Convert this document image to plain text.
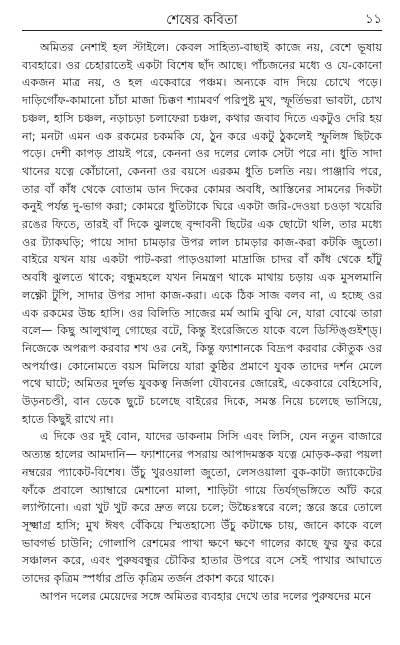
শেষের কবিতা	১১

অমিতর নেশাই হল স্টাইলে। কেবল সাহিত্য-বাছাই কাজে নয়, বেশে ভূষায় ব্যবহারে। ওর চেহারাতেই একটা বিশেষ ছাঁদ আছে। পাঁচজনের মধ্যে ও যে-কোনো একজন মাত্র নয়, ও হল একেবারে পঞ্চম। অন্যকে বাদ দিয়ে চোখে পড়ে। দাড়িগোঁফ-কামানো চাঁচা মাজা চিক্কণ শ্যামবর্ণ পরিপুষ্ট মুখ, স্ফূর্তিভরা ভাবটা, চোখ চঞ্চল, হাসি চঞ্চল, নড়াচড়া চলাফেরা চঞ্চল, কথার জবাব দিতে একটুও দেরি হয় না; মনটা এমন এক রকমের চকমকি যে, ঠুন করে একটু ঠুকলেই স্ফুলিঙ্গ ছিটকে পড়ে। দেশী কাপড় প্রায়ই পরে, কেননা ওর দলের লোক সেটা পরে না। ধুতি সাদা থানের যত্নে কোঁচানো, কেননা ওর বয়সে এরকম ধুতি চলতি নয়। পাঞ্জাবি পরে, তার বাঁ কাঁধ থেকে বোতাম ডান দিকের কোমর অবধি, আস্তিনের সামনের দিকটা কনুই পর্যন্ত দু-ভাগ করা; কোমরে ধুতিটাকে ঘিরে একটা জরি-দেওয়া চওড়া খয়েরি রঙের ফিতে, তারই বাঁ দিকে ঝুলছে বৃন্দাবনী ছিটের এক ছোটো থলি, তার মধ্যে ওর ট্যাকঘড়ি; পায়ে সাদা চামড়ার উপর লাল চামড়ার কাজ-করা কটকি জুতো। বাইরে যখন যায় একটা পাট-করা পাড়ওয়ালা মাদ্রাজি চাদর বাঁ কাঁধ থেকে হাঁটু অবধি ঝুলতে থাকে; বন্ধুমহলে যখন নিমন্ত্রণ থাকে মাথায় চড়ায় এক মুসলমানি লক্ষ্ণৌ টুপি, সাদার উপর সাদা কাজ-করা। একে ঠিক সাজ বলব না, এ হচ্ছে ওর এক রকমের উচ্চ হাসি। ওর বিলিতি সাজের মর্ম আমি বুঝি নে, যারা বোঝে তারা বলে— কিছু আলুথালু গোছের বটে, কিন্তু ইংরেজিতে যাকে বলে ডিস্টিঙ্গুইশ্ড্‌। নিজেকে অপরূপ করবার শখ ওর নেই, কিন্তু ফ্যাশানকে বিদ্রূপ করবার কৌতুক ওর অপর্যাপ্ত। কোনোমতে বয়স মিলিয়ে যারা কুষ্ঠির প্রমাণে যুবক তাদের দর্শন মেলে পথে ঘাটে; অমিতর দুর্লভ যুবকত্ব নির্জলা যৌবনের জোরেই, একেবারে বেহিসেবি, উড়নচণ্ডী, বান ডেকে ছুটে চলেছে বাইরের দিকে, সমস্ত নিয়ে চলেছে ভাসিয়ে, হাতে কিছুই রাখে না।

এ দিকে ওর দুই বোন, যাদের ডাকনাম সিসি এবং লিসি, যেন নতুন বাজারে অত্যন্ত হালের আমদানি— ফ্যাশানের পসরায় আপাদমস্তক যত্নে মোড়ক-করা পয়লা নম্বরের প্যাকেট-বিশেষ। উঁচু খুরওয়ালা জুতো, লেসওয়ালা বুক-কাটা জ্যাকেটের ফাঁকে প্রবালে অ্যাম্বারে মেশানো মালা, শাড়িটা গায়ে তির্যগ্‌ভঙ্গিতে আঁট করে ল্যাপ্টানো। এরা খুট খুট করে দ্রুত লয়ে চলে; উচ্চৈঃস্বরে বলে; স্তরে স্তরে তোলে সূক্ষ্মাগ্র হাসি; মুখ ঈষৎ বেঁকিয়ে স্মিতহাস্যে উঁচু কটাক্ষে চায়, জানে কাকে বলে ভাবগর্ভ চাউনি; গোলাপি রেশমের পাখা ক্ষণে ক্ষণে গালের কাছে ফুর ফুর করে সঞ্চালন করে, এবং পুরুষবন্ধুর চৌকির হাতার উপরে বসে সেই পাখার আঘাতে তাদের কৃত্রিম স্পর্ধার প্রতি কৃত্রিম তর্জন প্রকাশ করে থাকে।

আপন দলের মেয়েদের সঙ্গে অমিতর ব্যবহার দেখে তার দলের পুরুষদের মনে
